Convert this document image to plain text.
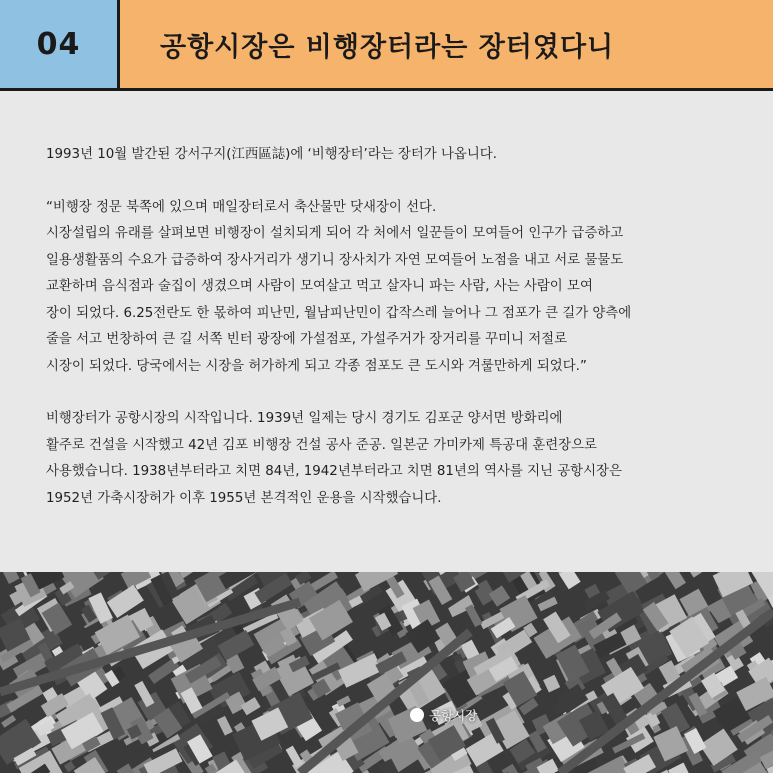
04	공항시장은 비행장터라는 장터였다니

1993년 10월 발간된 강서구지(江西區誌)에 ‘비행장터’라는 장터가 나옵니다.

“비행장 정문 북쪽에 있으며 매일장터로서 축산물만 닷새장이 선다.

시장설립의 유래를 살펴보면 비행장이 설치되게 되어 각 처에서 일꾼들이 모여들어 인구가 급증하고

일용생활품의 수요가 급증하여 장사거리가 생기니 장사치가 자연 모여들어 노점을 내고 서로 물물도

교환하며 음식점과 술집이 생겼으며 사람이 모여살고 먹고 살자니 파는 사람, 사는 사람이 모여

장이 되었다. 6.25전란도 한 몫하여 피난민, 월남피난민이 갑작스레 늘어나 그 점포가 큰 길가 양측에

줄을 서고 번창하여 큰 길 서쪽 빈터 광장에 가설점포, 가설주거가 장거리를 꾸미니 저절로

시장이 되었다. 당국에서는 시장을 허가하게 되고 각종 점포도 큰 도시와 겨룰만하게 되었다.”

비행장터가 공항시장의 시작입니다. 1939년 일제는 당시 경기도 김포군 양서면 방화리에

활주로 건설을 시작했고 42년 김포 비행장 건설 공사 준공. 일본군 가미카제 특공대 훈련장으로

사용했습니다. 1938년부터라고 치면 84년, 1942년부터라고 치면 81년의 역사를 지닌 공항시장은

1952년 가축시장허가 이후 1955년 본격적인 운용을 시작했습니다.

공항시장
